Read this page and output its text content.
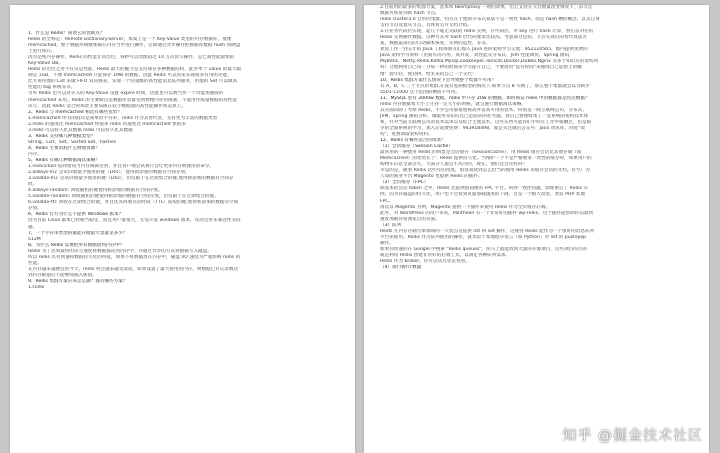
1、什么是 Redis？简述它的优缺点？
Redis 的全称是：Remote Dictionary.Server，本质上是一个 Key-Value 类型的内存数据库，很像
memcached，整个数据库统统加载在内存当中进行操作，定期通过异步操作把数据库数据 flush 到硬盘
上进行保存。
因为是纯内存操作，Redis 的性能非常出色，每秒可以处理超过 10 万次读写操作，是已知性能最快的
Key-Value DB。
Redis 的出色之处不仅仅是性能，Redis 最大的魅力是支持保存多种数据结构，此外单个 value 的最大限
制是 1GB，不像 memcached 只能保存 1MB 的数据，因此 Redis 可以用来实现很多有用的功能。
比方说用他的 List 来做 FIFO 双向链表，实现一个轻量级的高性能消息队列服务，用他的 Set 可以做高
性能的 tag 系统等等。
另外 Redis 也可以对存入的 Key-Value 设置 expire 时间，因此也可以被当作一个功能加强版的
memcached 来用。Redis 的主要缺点是数据库容量受到物理内存的限制，不能用作海量数据的高性能
读写，因此 Redis 适合的场景主要局限在较小数据量的高性能操作和运算上。
2、Redis 与 memcached 相比有哪些优势？
1.memcached 所有的值均是简单的字符串，redis 作为其替代者，支持更为丰富的数据类型
2.redis 的速度比 memcached 快很多 redis 的速度比 memcached 快很多
3.redis 可以持久化其数据 redis 可以持久化其数据
3、Redis 支持哪几种数据类型？
String、List、Set、Sorted Set、hashes
4、Redis 主要消耗什么物理资源？
内存。
5、Redis 有哪几种数据淘汰策略？
1.noeviction:返回错误当内存限制达到，并且客户端尝试执行会让更多内存被使用的命令。
2.allkeys-lru: 尝试回收最少使用的键（LRU），使得新添加的数据有空间存放。
3.volatile-lru: 尝试回收最少使用的键（LRU），但仅限于在过期集合的键,使得新添加的数据有空间存
放。
4.allkeys-random: 回收随机的键使得新添加的数据有空间存放。
5.volatile-random: 回收随机的键使得新添加的数据有空间存放，但仅限于在过期集合的键。
6.volatile-ttl: 回收在过期集合的键，并且优先回收存活时间（TTL）较短的键,使得新添加的数据有空间
存放。
6、Redis 官方为什么不提供 Windows 版本？
因为目前 Linux 版本已经相当稳定，而且用户量很大，无需开发 windows 版本，反而会带来兼容性等问
题。
7、一个字符串类型的值能存储最大容量是多少？
512M
8、为什么 Redis 需要把所有数据放到内存中？
Redis 为了达到最快的读写速度将数据都读到内存中，并通过异步的方式将数据写入磁盘。
所以 redis 具有快速和数据持久化的特征，如果不将数据放在内存中，磁盘 I/O 速度为严重影响 redis 的
性能。
在内存越来越便宜的今天，redis 将会越来越受欢迎，如果设置了最大使用的内存，则数据已有记录数达
到内存限值后不能继续插入新值。
9、Redis 集群方案应该怎么做？都有哪些方案？
1.codis
2.目前用的最多的集群方案，基本和 twemproxy 一致的效果，但它支持在节点数量改变情况下，旧节点
数据可恢复到新 hash 节点。
redis cluster3.0 自带的集群，特点在于他的分布式算法不是一致性 hash，而是 hash 槽的概念，以及自身
支持节点设置从节点。具体看官方文档介绍。
3.在业务代码层实现，起几个毫无关联的 redis 实例，在代码层，对 key 进行 hash 计算，然后去对应的
Redis 实例操作数据。这种方式对 hash 层代码要求比较高，考虑部分包括，节点失效后的替代算法方
案，数据震荡后的自动脚本恢复，实例的监控，等等。
欢迎工作一到五年的 Java 工程师朋友们加入 Java 进阶架构学习交流：952124565，群内提供免费的
Java 架构学习资料（里面有高可用、高并发、高性能及分布式、Jvm 性能调优、Spring 源码，
MyBatis，Netty,Redis,Kafka,Mysql,Zookeeper,Tomcat,Docker,Dubbo,Nginx 等多个知识点的架构资
料）合理利用自己每一分每一秒的时间来学习提升自己，不要再用"没有时间"来掩饰自己思想上的懒
惰！趁年轻，使劲拼，给未来的自己一个交代！
10、Redis 集群方案什么情况下会导致整个集群不可用？
有 A，B，C 三个节点的集群,在没有复制模型的情况下,如果节点 B 失败了，那么整个集群就会以为缺少
5501-11000 这个范围的槽而不可用。
11、MySQL 里有 2000w 数据，redis 中只存 20w 的数据，如何保证 redis 中的数据都是热点数据？
redis 内存数据集大小上升到一定大小的时候，就会施行数据淘汰策略。
其实面试除了考察 Redis，不少公司都很重视高并发高可用的技术，特别是一线互联网公司，分布式、
JVM、spring 源码分析、微服务等知识点已是面试的必考题。我自己整理收集了一套系统的架构技术体
系，针对当前互联网公司的技术需求以及结合主流技术，这些东西可能你们平时在工作中接触过，但是缺
少的全面系统的学习，加入后就要免费：943918498，或是关注微信公众号：Java 资讯库，回复"架
构"，免费领取架构资料。
12、Redis 有哪些适合的场景？
（1）会话缓存（Session Cache）
最常用的一种使用 Redis 的情景是会话缓存（sessioncache），用 Redis 缓存会话比其他存储（如
Memcached）的优势在于：Redis 提供持久化。当维护一个不是严格要求一致性的缓存时，如果用户的
购物车信息全部丢失，大部分人都会不高兴的，现在，他们还会这样吗？
幸运的是，随着 Redis 这些年的改进，很容易找到怎么恰当的使用 Redis 来缓存会话的文档。甚至广为
人知的商业平台 Magento 也提供 Redis 的插件。
（2）全页缓存（FPC）
除基本的会话 token 之外，Redis 还提供很简便的 FPC 平台。回到一致性问题，即使重启了 Redis 实
例，因为有磁盘的持久化，用户也不会看到页面加载速度的下降，这是一个极大改进，类似 PHP 本地
FPC。
再次以 Magento 为例，Magento 提供一个插件来使用 Redis 作为全页缓存后端。
此外，对 WordPress 的用户来说，Pantheon 有一个非常好的插件 wp-redis，这个插件能帮助你以最快
速度加载你曾浏览过的页面。
（3）队列
Reids 在内存存储引擎领域的一大优点是提供 list 和 set 操作，这使得 Redis 能作为一个很好的消息队列
平台来使用。Redis 作为队列使用的操作，就类似于本地程序语言（如 Python）对 list 的 push/pop
操作。
如果你快速的在 Google 中搜索 "Redis queues"，你马上就能找到大量的开源项目，这些项目的目的
就是利用 Redis 创建非常好的后端工具，以满足各种队列需求。
Redis 作为 broker，你可以从这里去查看。
（4）排行榜/计数器
知乎 @掘金技术社区
